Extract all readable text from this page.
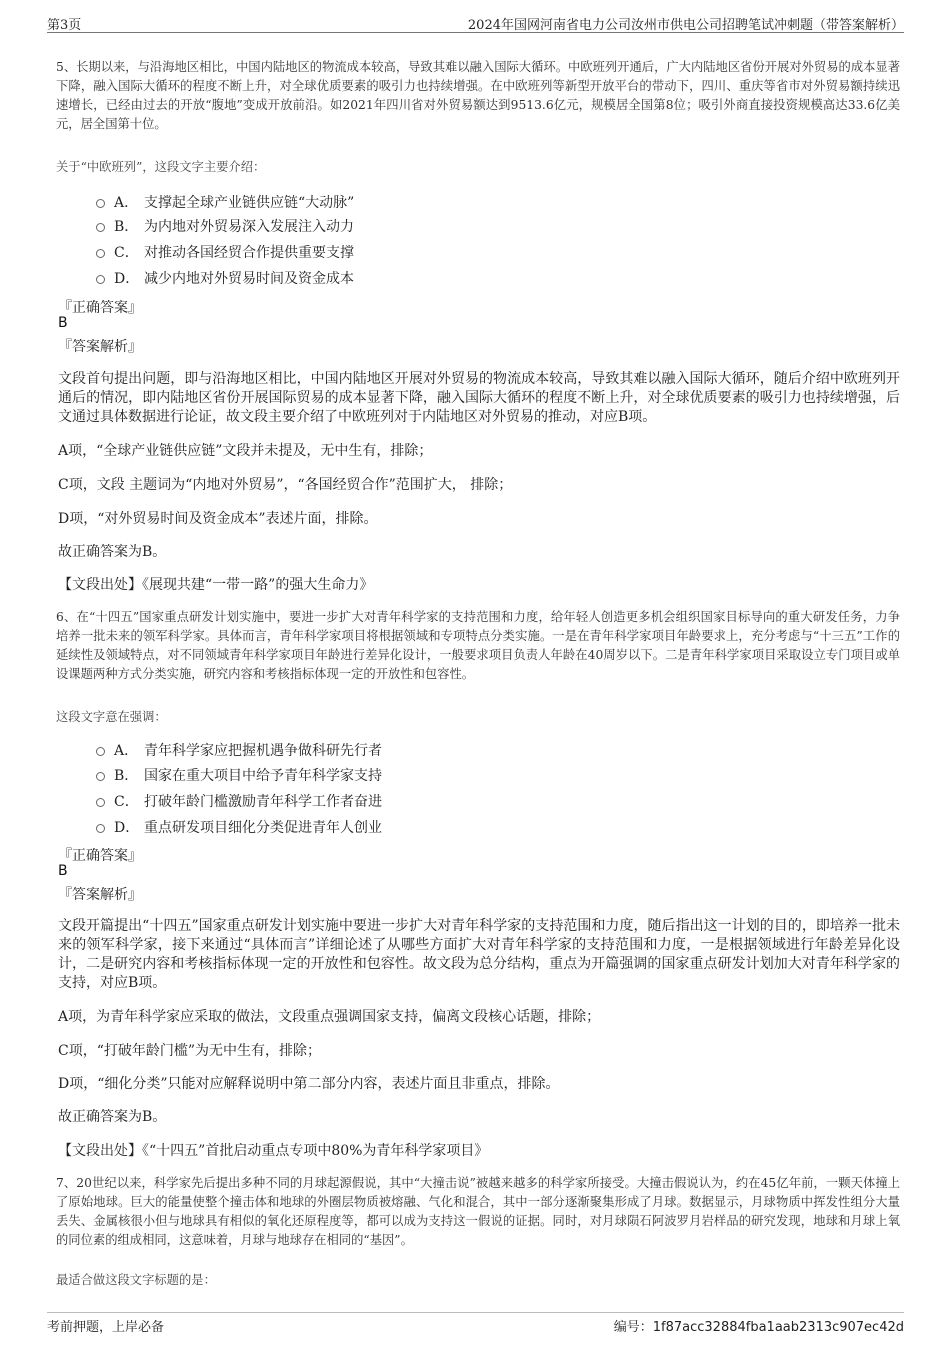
第3页	2024年国网河南省电力公司汝州市供电公司招聘笔试冲刺题（带答案解析）
5、长期以来，与沿海地区相比，中国内陆地区的物流成本较高，导致其难以融入国际大循环。中欧班列开通后，广大内陆地区省份开展对外贸易的成本显著下降，融入国际大循环的程度不断上升，对全球优质要素的吸引力也持续增强。在中欧班列等新型开放平台的带动下，四川、重庆等省市对外贸易额持续迅速增长，已经由过去的开放“腹地”变成开放前沿。如2021年四川省对外贸易额达到9513.6亿元，规模居全国第8位；吸引外商直接投资规模高达33.6亿美元，居全国第十位。
关于“中欧班列”，这段文字主要介绍：
A． 支撑起全球产业链供应链“大动脉”
B． 为内地对外贸易深入发展注入动力
C． 对推动各国经贸合作提供重要支撑
D． 减少内地对外贸易时间及资金成本
『正确答案』
B
『答案解析』
文段首句提出问题，即与沿海地区相比，中国内陆地区开展对外贸易的物流成本较高，导致其难以融入国际大循环，随后介绍中欧班列开通后的情况，即内陆地区省份开展国际贸易的成本显著下降，融入国际大循环的程度不断上升，对全球优质要素的吸引力也持续增强，后文通过具体数据进行论证，故文段主要介绍了中欧班列对于内陆地区对外贸易的推动，对应B项。
A项，“全球产业链供应链”文段并未提及，无中生有，排除；
C项，文段 主题词为“内地对外贸易”，“各国经贸合作”范围扩大， 排除；
D项，“对外贸易时间及资金成本”表述片面，排除。
故正确答案为B。
【文段出处】《展现共建“一带一路”的强大生命力》
6、在“十四五”国家重点研发计划实施中，要进一步扩大对青年科学家的支持范围和力度，给年轻人创造更多机会组织国家目标导向的重大研发任务，力争培养一批未来的领军科学家。具体而言，青年科学家项目将根据领域和专项特点分类实施。一是在青年科学家项目年龄要求上，充分考虑与“十三五”工作的延续性及领域特点，对不同领域青年科学家项目年龄进行差异化设计，一般要求项目负责人年龄在40周岁以下。二是青年科学家项目采取设立专门项目或单设课题两种方式分类实施，研究内容和考核指标体现一定的开放性和包容性。
这段文字意在强调：
A． 青年科学家应把握机遇争做科研先行者
B． 国家在重大项目中给予青年科学家支持
C． 打破年龄门槛激励青年科学工作者奋进
D． 重点研发项目细化分类促进青年人创业
『正确答案』
B
『答案解析』
文段开篇提出“十四五”国家重点研发计划实施中要进一步扩大对青年科学家的支持范围和力度，随后指出这一计划的目的，即培养一批未来的领军科学家，接下来通过“具体而言”详细论述了从哪些方面扩大对青年科学家的支持范围和力度，一是根据领域进行年龄差异化设计，二是研究内容和考核指标体现一定的开放性和包容性。故文段为总分结构，重点为开篇强调的国家重点研发计划加大对青年科学家的支持，对应B项。
A项，为青年科学家应采取的做法，文段重点强调国家支持，偏离文段核心话题，排除；
C项，“打破年龄门槛”为无中生有，排除；
D项，“细化分类”只能对应解释说明中第二部分内容，表述片面且非重点，排除。
故正确答案为B。
【文段出处】《“十四五”首批启动重点专项中80%为青年科学家项目》
7、20世纪以来，科学家先后提出多种不同的月球起源假说，其中“大撞击说”被越来越多的科学家所接受。大撞击假说认为，约在45亿年前，一颗天体撞上了原始地球。巨大的能量使整个撞击体和地球的外圈层物质被熔融、气化和混合，其中一部分逐渐聚集形成了月球。数据显示，月球物质中挥发性组分大量丢失、金属核很小但与地球具有相似的氧化还原程度等，都可以成为支持这一假说的证据。同时，对月球陨石阿波罗月岩样品的研究发现，地球和月球上氧的同位素的组成相同，这意味着，月球与地球存在相同的“基因”。
最适合做这段文字标题的是：
考前押题，上岸必备	编号：1f87acc32884fba1aab2313c907ec42d
